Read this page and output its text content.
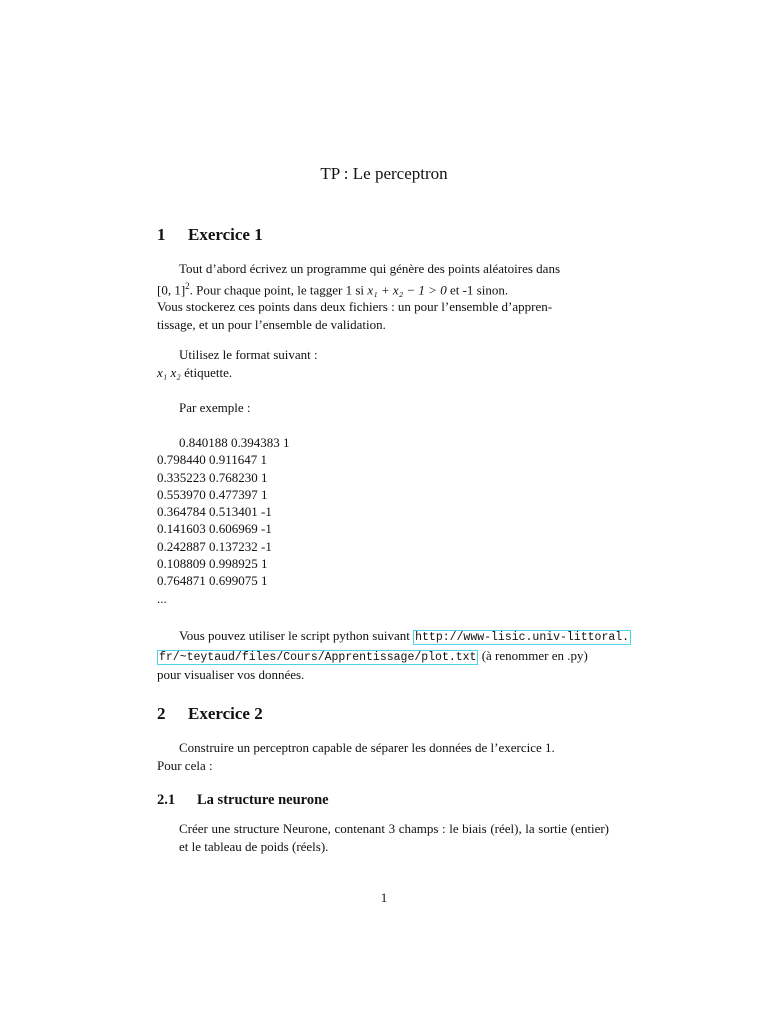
TP : Le perceptron
1 Exercice 1
Tout d’abord écrivez un programme qui génère des points aléatoires dans
[0, 1]$^2$. Pour chaque point, le tagger 1 si x₁ + x₂ − 1 > 0 et -1 sinon.
Vous stockerez ces points dans deux fichiers : un pour l’ensemble d’appren-
tissage, et un pour l’ensemble de validation.
Utilisez le format suivant :
x₁ x₂ étiquette.
Par exemple :
0.840188 0.394383 1
0.798440 0.911647 1
0.335223 0.768230 1
0.553970 0.477397 1
0.364784 0.513401 -1
0.141603 0.606969 -1
0.242887 0.137232 -1
0.108809 0.998925 1
0.764871 0.699075 1
...
Vous pouvez utiliser le script python suivant http://www-lisic.univ-littoral.
fr/~teytaud/files/Cours/Apprentissage/plot.txt (à renommer en .py)
pour visualiser vos données.
2 Exercice 2
Construire un perceptron capable de séparer les données de l’exercice 1.
Pour cela :
2.1 La structure neurone
Créer une structure Neurone, contenant 3 champs : le biais (réel), la sortie (entier) et le tableau de poids (réels).
1
